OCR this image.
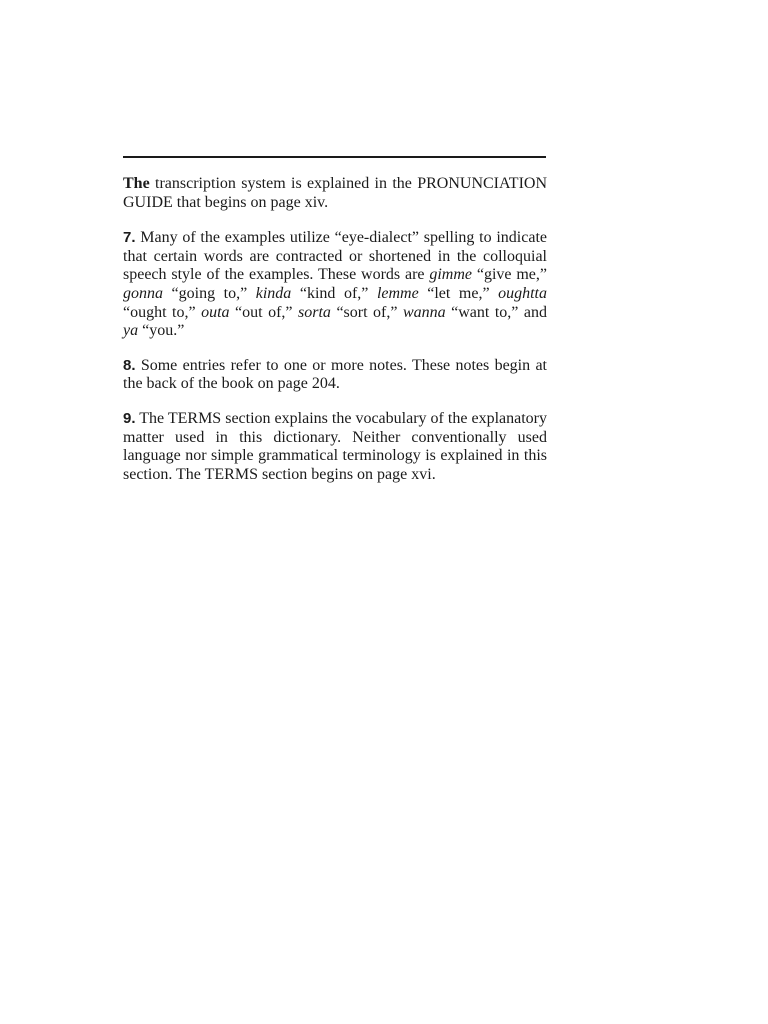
The transcription system is explained in the PRONUNCIATION GUIDE that begins on page xiv.

7. Many of the examples utilize “eye-dialect” spelling to indicate that certain words are contracted or shortened in the colloquial speech style of the examples. These words are gimme “give me,” gonna “going to,” kinda “kind of,” lemme “let me,” oughtta “ought to,” outa “out of,” sorta “sort of,” wanna “want to,” and ya “you.”

8. Some entries refer to one or more notes. These notes begin at the back of the book on page 204.

9. The TERMS section explains the vocabulary of the explanatory matter used in this dictionary. Neither conventionally used language nor simple grammatical terminology is explained in this section. The TERMS section begins on page xvi.
